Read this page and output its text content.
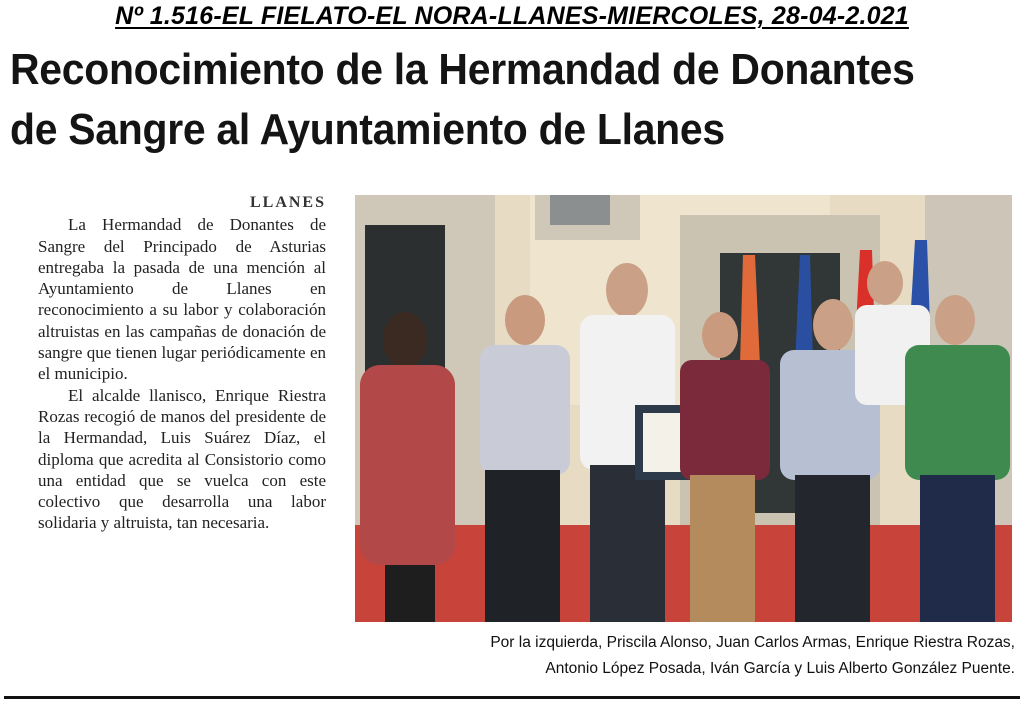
Nº 1.516-EL FIELATO-EL NORA-LLANES-MIERCOLES, 28-04-2.021
Reconocimiento de la Hermandad de Donantes de Sangre al Ayuntamiento de Llanes
LLANES

La Hermandad de Donantes de Sangre del Principado de Asturias entregaba la pasada de una mención al Ayuntamiento de Llanes en reconocimiento a su labor y colaboración altruistas en las campañas de donación de sangre que tienen lugar periódicamente en el municipio.

El alcalde llanisco, Enrique Riestra Rozas recogió de manos del presidente de la Hermandad, Luis Suárez Díaz, el diploma que acredita al Consistorio como una entidad que se vuelca con este colectivo que desarrolla una labor solidaria y altruista, tan necesaria.

Por la izquierda, Priscila Alonso, Juan Carlos Armas, Enrique Riestra Rozas,
Antonio López Posada, Iván García y Luis Alberto González Puente.
